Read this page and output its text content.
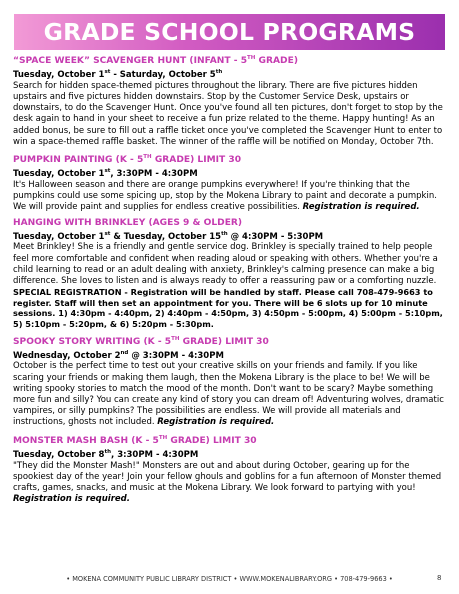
GRADE SCHOOL PROGRAMS

“SPACE WEEK” SCAVENGER HUNT (INFANT - 5TH GRADE)

Tuesday, October 1st - Saturday, October 5th

Search for hidden space-themed pictures throughout the library. There are five pictures hidden upstairs and five pictures hidden downstairs. Stop by the Customer Service Desk, upstairs or downstairs, to do the Scavenger Hunt. Once you've found all ten pictures, don't forget to stop by the desk again to hand in your sheet to receive a fun prize related to the theme. Happy hunting! As an added bonus, be sure to fill out a raffle ticket once you've completed the Scavenger Hunt to enter to win a space-themed raffle basket. The winner of the raffle will be notified on Monday, October 7th.

PUMPKIN PAINTING (K - 5TH GRADE) LIMIT 30

Tuesday, October 1st, 3:30PM - 4:30PM

It's Halloween season and there are orange pumpkins everywhere! If you're thinking that the pumpkins could use some spicing up, stop by the Mokena Library to paint and decorate a pumpkin. We will provide paint and supplies for endless creative possibilities. Registration is required.

HANGING WITH BRINKLEY (AGES 9 & OLDER)

Tuesday, October 1st & Tuesday, October 15th @ 4:30PM - 5:30PM

Meet Brinkley! She is a friendly and gentle service dog. Brinkley is specially trained to help people feel more comfortable and confident when reading aloud or speaking with others. Whether you're a child learning to read or an adult dealing with anxiety, Brinkley's calming presence can make a big difference. She loves to listen and is always ready to offer a reassuring paw or a comforting nuzzle.

SPECIAL REGISTRATION - Registration will be handled by staff. Please call 708-479-9663 to register. Staff will then set an appointment for you. There will be 6 slots up for 10 minute sessions. 1) 4:30pm - 4:40pm, 2) 4:40pm - 4:50pm, 3) 4:50pm - 5:00pm, 4) 5:00pm - 5:10pm, 5) 5:10pm - 5:20pm, & 6) 5:20pm - 5:30pm.

SPOOKY STORY WRITING (K - 5TH GRADE) LIMIT 30

Wednesday, October 2nd @ 3:30PM - 4:30PM

October is the perfect time to test out your creative skills on your friends and family. If you like scaring your friends or making them laugh, then the Mokena Library is the place to be! We will be writing spooky stories to match the mood of the month. Don't want to be scary? Maybe something more fun and silly? You can create any kind of story you can dream of! Adventuring wolves, dramatic vampires, or silly pumpkins? The possibilities are endless. We will provide all materials and instructions, ghosts not included. Registration is required.

MONSTER MASH BASH (K - 5TH GRADE) LIMIT 30

Tuesday, October 8th, 3:30PM - 4:30PM

"They did the Monster Mash!" Monsters are out and about during October, gearing up for the spookiest day of the year! Join your fellow ghouls and goblins for a fun afternoon of Monster themed crafts, games, snacks, and music at the Mokena Library. We look forward to partying with you! Registration is required.

• MOKENA COMMUNITY PUBLIC LIBRARY DISTRICT • WWW.MOKENALIBRARY.ORG • 708-479-9663 •	8
